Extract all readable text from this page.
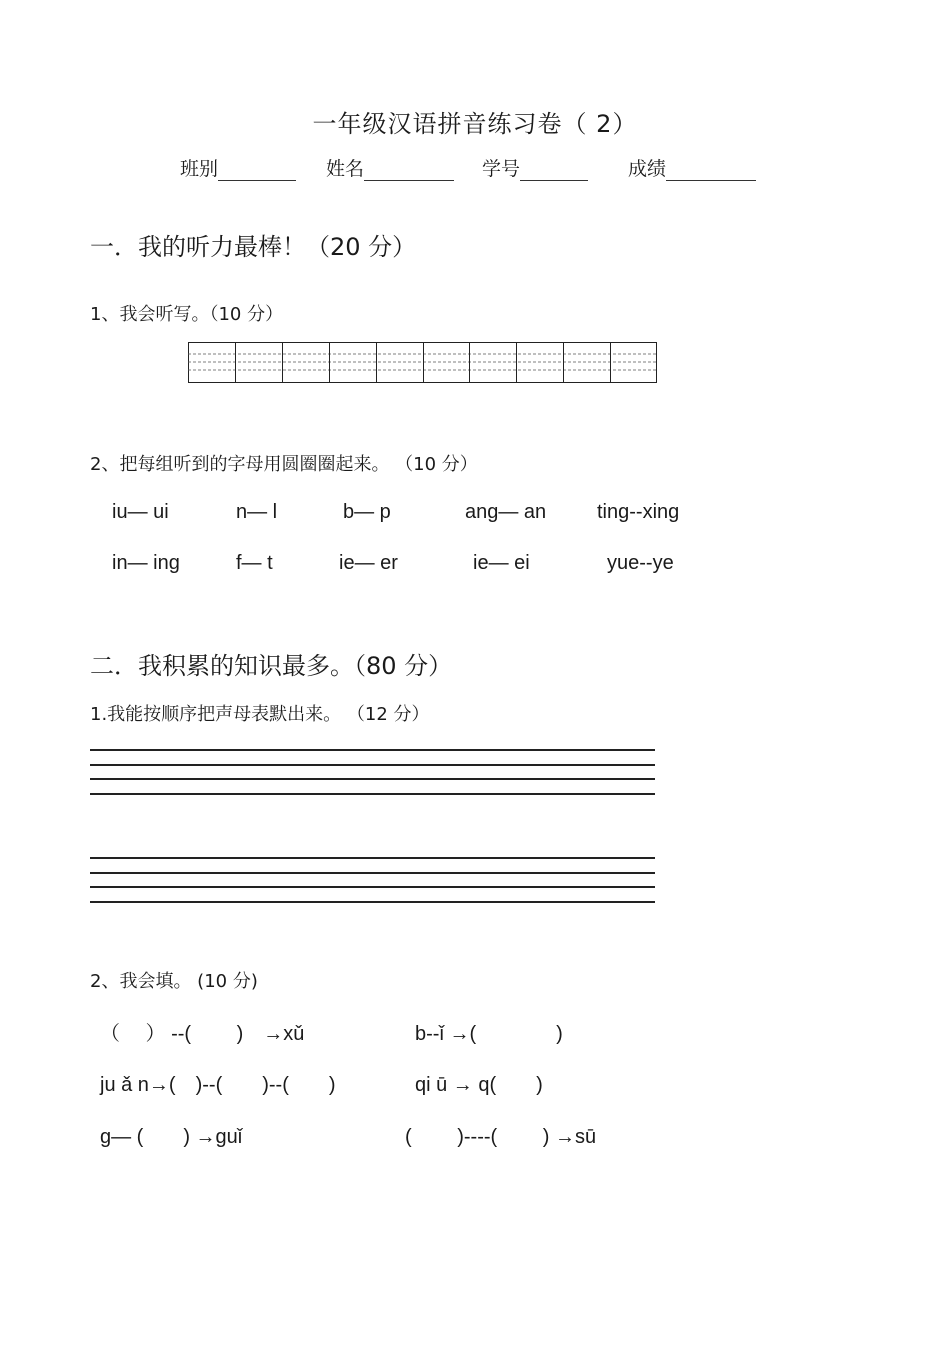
一年级汉语拼音练习卷（ 2）
班别	姓名	学号	成绩
一．我的听力最棒！（20 分）
1、我会听写。（10 分）
2、把每组听到的字母用圆圈圈起来。 （10 分）
iu— ui	n— l	b— p	ang— an	ting--xing
in— ing	f— t	ie— er	ie— ei	yue--ye
二．我积累的知识最多。（80 分）
1.我能按顺序把声母表默出来。 （12 分）
2、我会填。 (10 分)
（　 ） --(　　 )　→xǔ	b--ǐ →(　　　　)
ju ǎ n→(　)--(　　)--(　　)	qi ū → q(　　)
g— (　　) →guǐ	(　　 )----(　　 ) →sū
